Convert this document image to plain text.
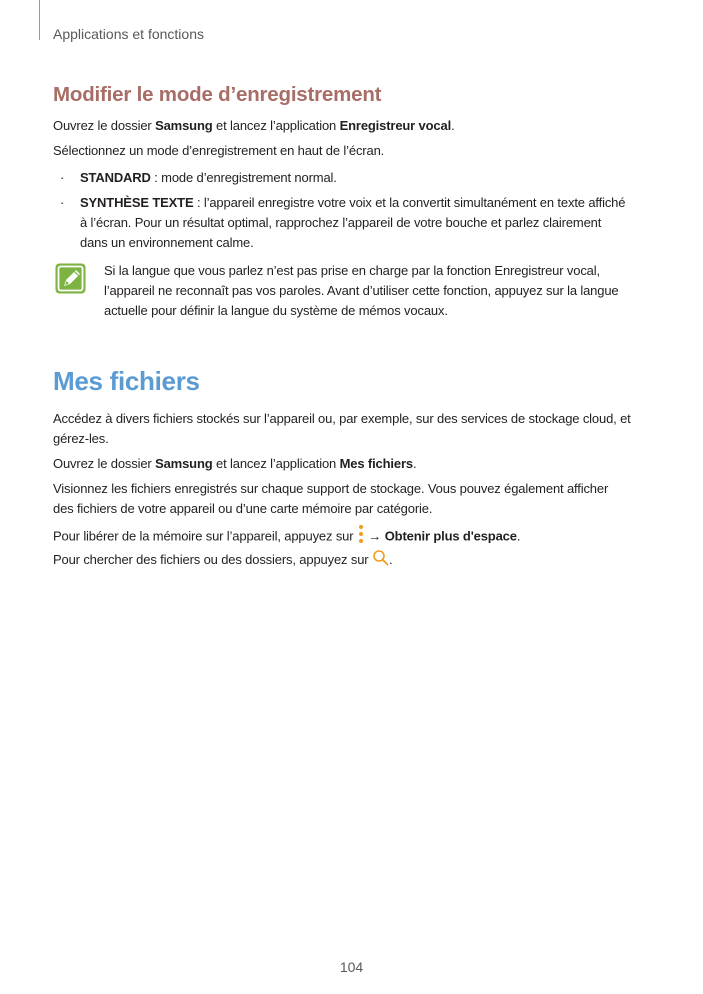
Applications et fonctions
Modifier le mode d’enregistrement
Ouvrez le dossier Samsung et lancez l’application Enregistreur vocal.
Sélectionnez un mode d’enregistrement en haut de l’écran.
· STANDARD : mode d’enregistrement normal.
· SYNTHÈSE TEXTE : l’appareil enregistre votre voix et la convertit simultanément en texte affiché
à l’écran. Pour un résultat optimal, rapprochez l’appareil de votre bouche et parlez clairement
dans un environnement calme.
Si la langue que vous parlez n’est pas prise en charge par la fonction Enregistreur vocal,
l’appareil ne reconnaît pas vos paroles. Avant d’utiliser cette fonction, appuyez sur la langue
actuelle pour définir la langue du système de mémos vocaux.
Mes fichiers
Accédez à divers fichiers stockés sur l’appareil ou, par exemple, sur des services de stockage cloud, et
gérez-les.
Ouvrez le dossier Samsung et lancez l’application Mes fichiers.
Visionnez les fichiers enregistrés sur chaque support de stockage. Vous pouvez également afficher
des fichiers de votre appareil ou d’une carte mémoire par catégorie.
Pour libérer de la mémoire sur l’appareil, appuyez sur  → Obtenir plus d'espace.
Pour chercher des fichiers ou des dossiers, appuyez sur .
104
